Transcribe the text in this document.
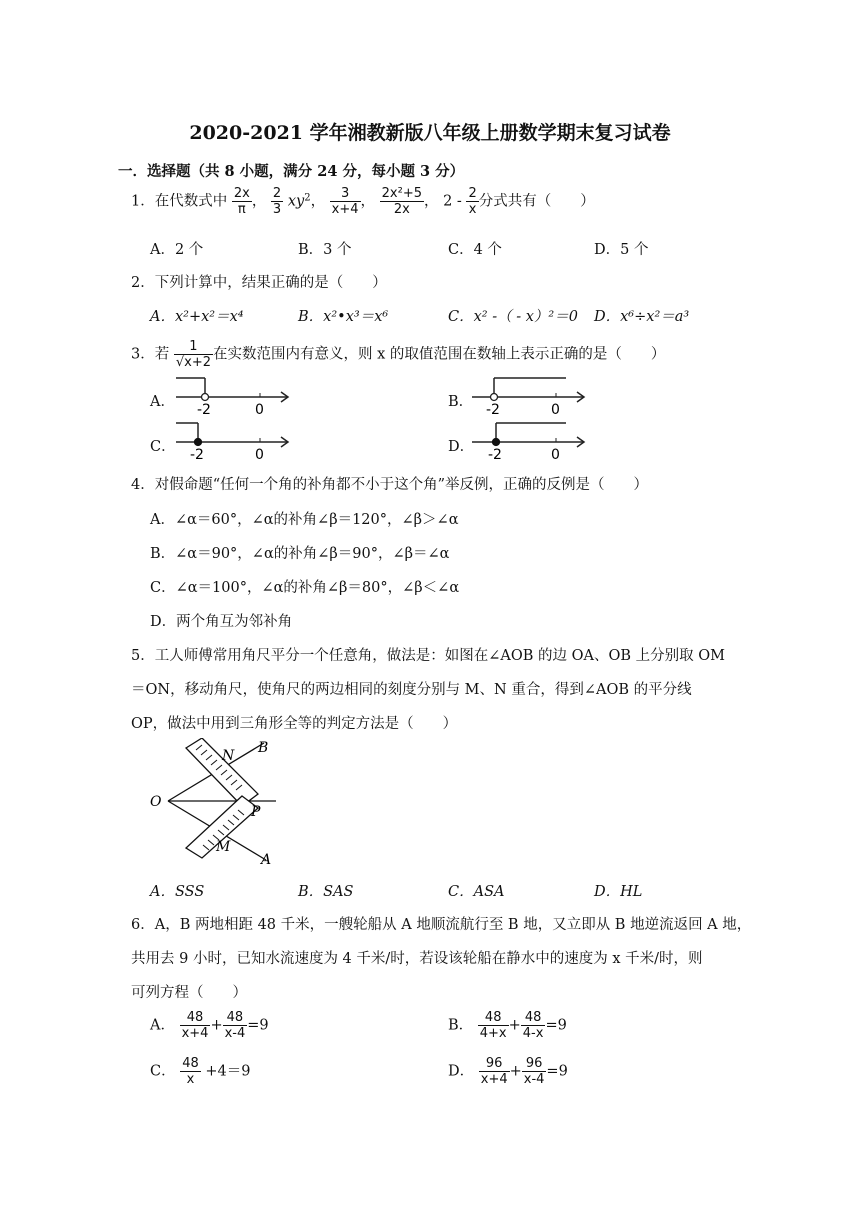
2020-2021 学年湘教新版八年级上册数学期末复习试卷
一．选择题（共 8 小题，满分 24 分，每小题 3 分）
1．在代数式中 $\frac{2x}{\pi}$ ， $\frac{2}{3} xy^2$， $\frac{3}{x+4}$ ， $\frac{\text{2x²+5}}{2x}$ ， $2 - \frac{2}{x}$ 分式共有（　　）
A．2 个	B．3 个	C．4 个	D．5 个
2．下列计算中，结果正确的是（　　）
A．x²+x²＝x⁴	B．x²•x³＝x⁶	C．x² -（ - x）²＝0 D．x⁶÷x²＝a³
3．若 $\frac{1}{√x+2}$ 在实数范围内有意义，则 x 的取值范围在数轴上表示正确的是（　　）
A． -2	0	B． -2	0
C． -2	0	D． -2	0
4．对假命题“任何一个角的补角都不小于这个角”举反例，正确的反例是（　　）
A．∠α＝60°，∠α的补角∠β＝120°，∠β＞∠α
B．∠α＝90°，∠α的补角∠β＝90°，∠β＝∠α
C．∠α＝100°，∠α的补角∠β＝80°，∠β＜∠α
D．两个角互为邻补角
5．工人师傅常用角尺平分一个任意角，做法是：如图在∠AOB 的边 OA、OB 上分别取 OM
＝ON，移动角尺，使角尺的两边相同的刻度分别与 M、N 重合，得到∠AOB 的平分线
OP，做法中用到三角形全等的判定方法是（　　）
O
N B
P
M
A
A．SSS	B．SAS	C．ASA	D．HL
6．A，B 两地相距 48 千米，一艘轮船从 A 地顺流航行至 B 地，又立即从 B 地逆流返回 A 地，
共用去 9 小时，已知水流速度为 4 千米/时，若设该轮船在静水中的速度为 x 千米/时，则
可列方程（　　）
A． $\frac{48}{x+4} + \frac{48}{x-4} =9$	B． $\frac{48}{4+x} + \frac{48}{4-x} =9$
C． $\frac{48}{x} +4=9$	D． $\frac{96}{x+4} + \frac{96}{x-4} =9$
